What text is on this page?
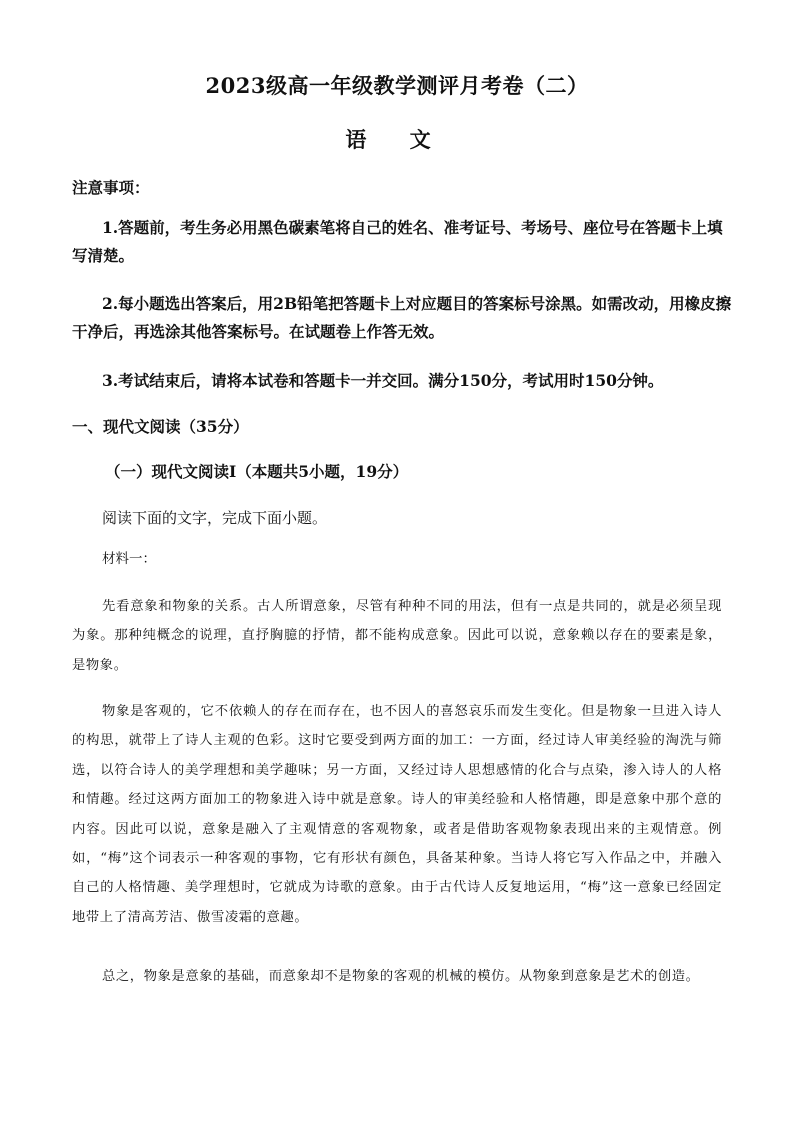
2023级高一年级教学测评月考卷（二）
语 文
注意事项：
1.答题前，考生务必用黑色碳素笔将自己的姓名、准考证号、考场号、座位号在答题卡上填写清楚。
2.每小题选出答案后，用2B铅笔把答题卡上对应题目的答案标号涂黑。如需改动，用橡皮擦干净后，再选涂其他答案标号。在试题卷上作答无效。
3.考试结束后，请将本试卷和答题卡一并交回。满分150分，考试用时150分钟。
一、现代文阅读（35分）
（一）现代文阅读Ⅰ（本题共5小题，19分）
阅读下面的文字，完成下面小题。
材料一：
先看意象和物象的关系。古人所谓意象，尽管有种种不同的用法，但有一点是共同的，就是必须呈现为象。那种纯概念的说理，直抒胸臆的抒情，都不能构成意象。因此可以说，意象赖以存在的要素是象，是物象。
物象是客观的，它不依赖人的存在而存在，也不因人的喜怒哀乐而发生变化。但是物象一旦进入诗人的构思，就带上了诗人主观的色彩。这时它要受到两方面的加工：一方面，经过诗人审美经验的淘洗与筛选，以符合诗人的美学理想和美学趣味；另一方面，又经过诗人思想感情的化合与点染，渗入诗人的人格和情趣。经过这两方面加工的物象进入诗中就是意象。诗人的审美经验和人格情趣，即是意象中那个意的内容。因此可以说，意象是融入了主观情意的客观物象，或者是借助客观物象表现出来的主观情意。例如，“梅”这个词表示一种客观的事物，它有形状有颜色，具备某种象。当诗人将它写入作品之中，并融入自己的人格情趣、美学理想时，它就成为诗歌的意象。由于古代诗人反复地运用，“梅”这一意象已经固定地带上了清高芳洁、傲雪凌霜的意趣。
总之，物象是意象的基础，而意象却不是物象的客观的机械的模仿。从物象到意象是艺术的创造。
